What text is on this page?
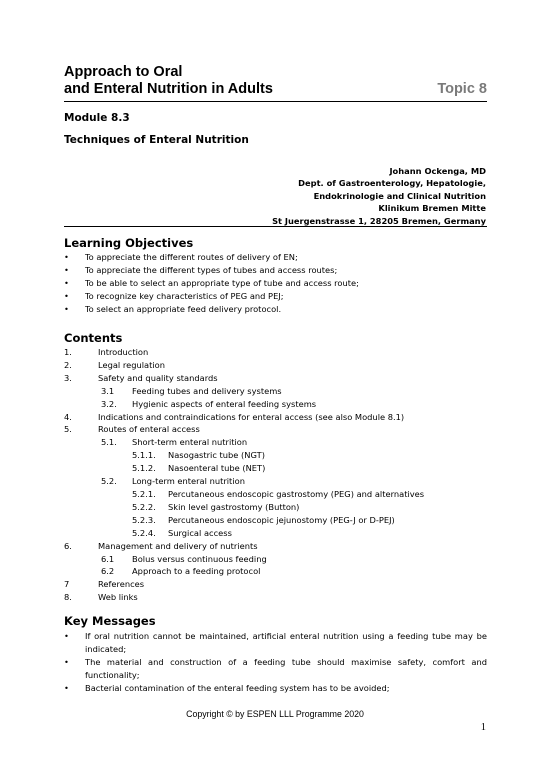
Approach to Oral
and Enteral Nutrition in Adults	Topic 8
Module 8.3
Techniques of Enteral Nutrition
Johann Ockenga, MD
Dept. of Gastroenterology, Hepatologie,
Endokrinologie and Clinical Nutrition
Klinikum Bremen Mitte
St Juergenstrasse 1, 28205 Bremen, Germany
Learning Objectives
• To appreciate the different routes of delivery of EN;
• To appreciate the different types of tubes and access routes;
• To be able to select an appropriate type of tube and access route;
• To recognize key characteristics of PEG and PEJ;
• To select an appropriate feed delivery protocol.
Contents
1.	Introduction
2.	Legal regulation
3.	Safety and quality standards
3.1	Feeding tubes and delivery systems
3.2.	Hygienic aspects of enteral feeding systems
4.	Indications and contraindications for enteral access (see also Module 8.1)
5.	Routes of enteral access
5.1.	Short-term enteral nutrition
5.1.1.	Nasogastric tube (NGT)
5.1.2.	Nasoenteral tube (NET)
5.2.	Long-term enteral nutrition
5.2.1.	Percutaneous endoscopic gastrostomy (PEG) and alternatives
5.2.2.	Skin level gastrostomy (Button)
5.2.3.	Percutaneous endoscopic jejunostomy (PEG-J or D-PEJ)
5.2.4.	Surgical access
6.	Management and delivery of nutrients
6.1	Bolus versus continuous feeding
6.2	Approach to a feeding protocol
7	References
8.	Web links
Key Messages
• If oral nutrition cannot be maintained, artificial enteral nutrition using a feeding tube may be indicated;
• The material and construction of a feeding tube should maximise safety, comfort and functionality;
• Bacterial contamination of the enteral feeding system has to be avoided;
Copyright © by ESPEN LLL Programme 2020
1
